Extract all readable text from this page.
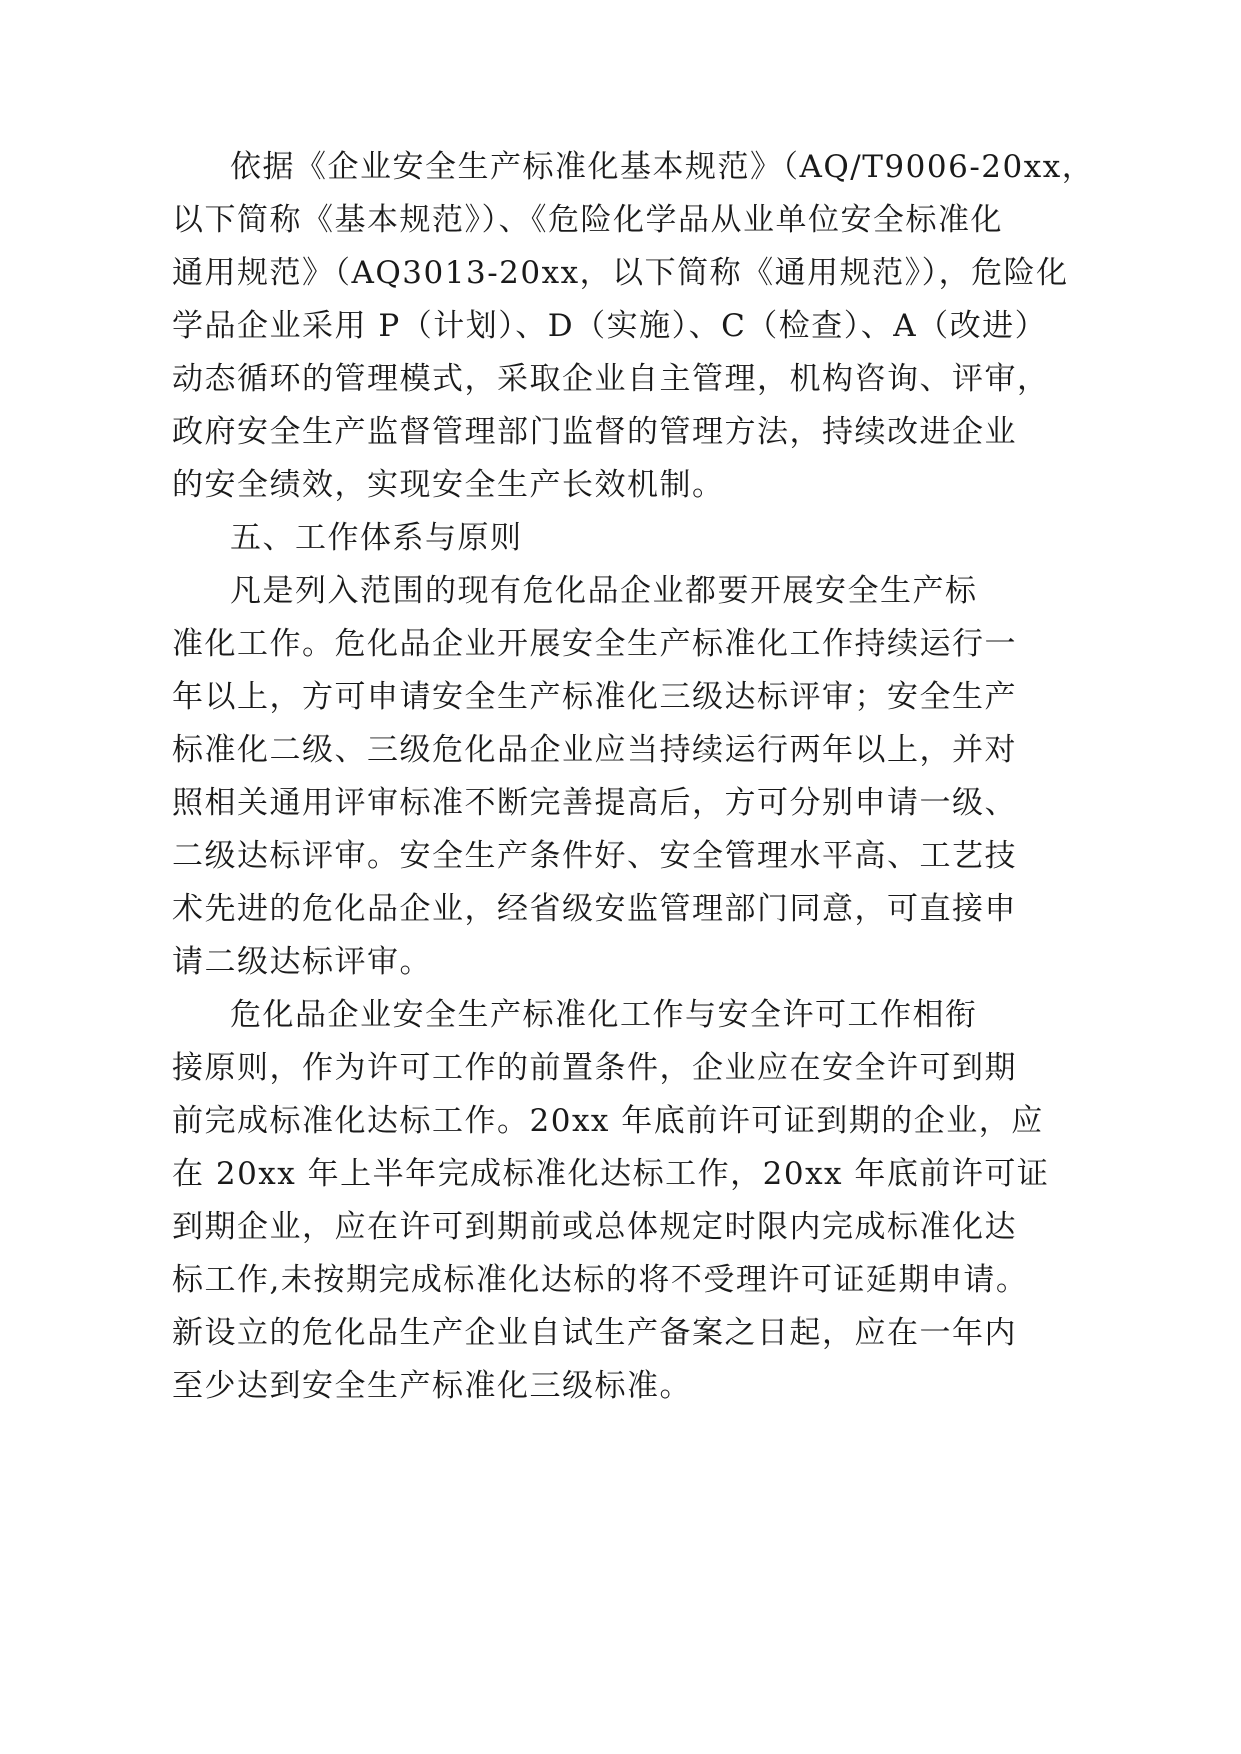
依据《企业安全生产标准化基本规范》（AQ/T9006-20xx，
以下简称《基本规范》）、《危险化学品从业单位安全标准化
通用规范》（AQ3013-20xx，以下简称《通用规范》），危险化
学品企业采用 P（计划）、D（实施）、C（检查）、A（改进）
动态循环的管理模式，采取企业自主管理，机构咨询、评审，
政府安全生产监督管理部门监督的管理方法，持续改进企业
的安全绩效，实现安全生产长效机制。
五、工作体系与原则
凡是列入范围的现有危化品企业都要开展安全生产标
准化工作。危化品企业开展安全生产标准化工作持续运行一
年以上，方可申请安全生产标准化三级达标评审；安全生产
标准化二级、三级危化品企业应当持续运行两年以上，并对
照相关通用评审标准不断完善提高后，方可分别申请一级、
二级达标评审。安全生产条件好、安全管理水平高、工艺技
术先进的危化品企业，经省级安监管理部门同意，可直接申
请二级达标评审。
危化品企业安全生产标准化工作与安全许可工作相衔
接原则，作为许可工作的前置条件，企业应在安全许可到期
前完成标准化达标工作。20xx 年底前许可证到期的企业，应
在 20xx 年上半年完成标准化达标工作，20xx 年底前许可证
到期企业，应在许可到期前或总体规定时限内完成标准化达
标工作,未按期完成标准化达标的将不受理许可证延期申请。
新设立的危化品生产企业自试生产备案之日起，应在一年内
至少达到安全生产标准化三级标准。
